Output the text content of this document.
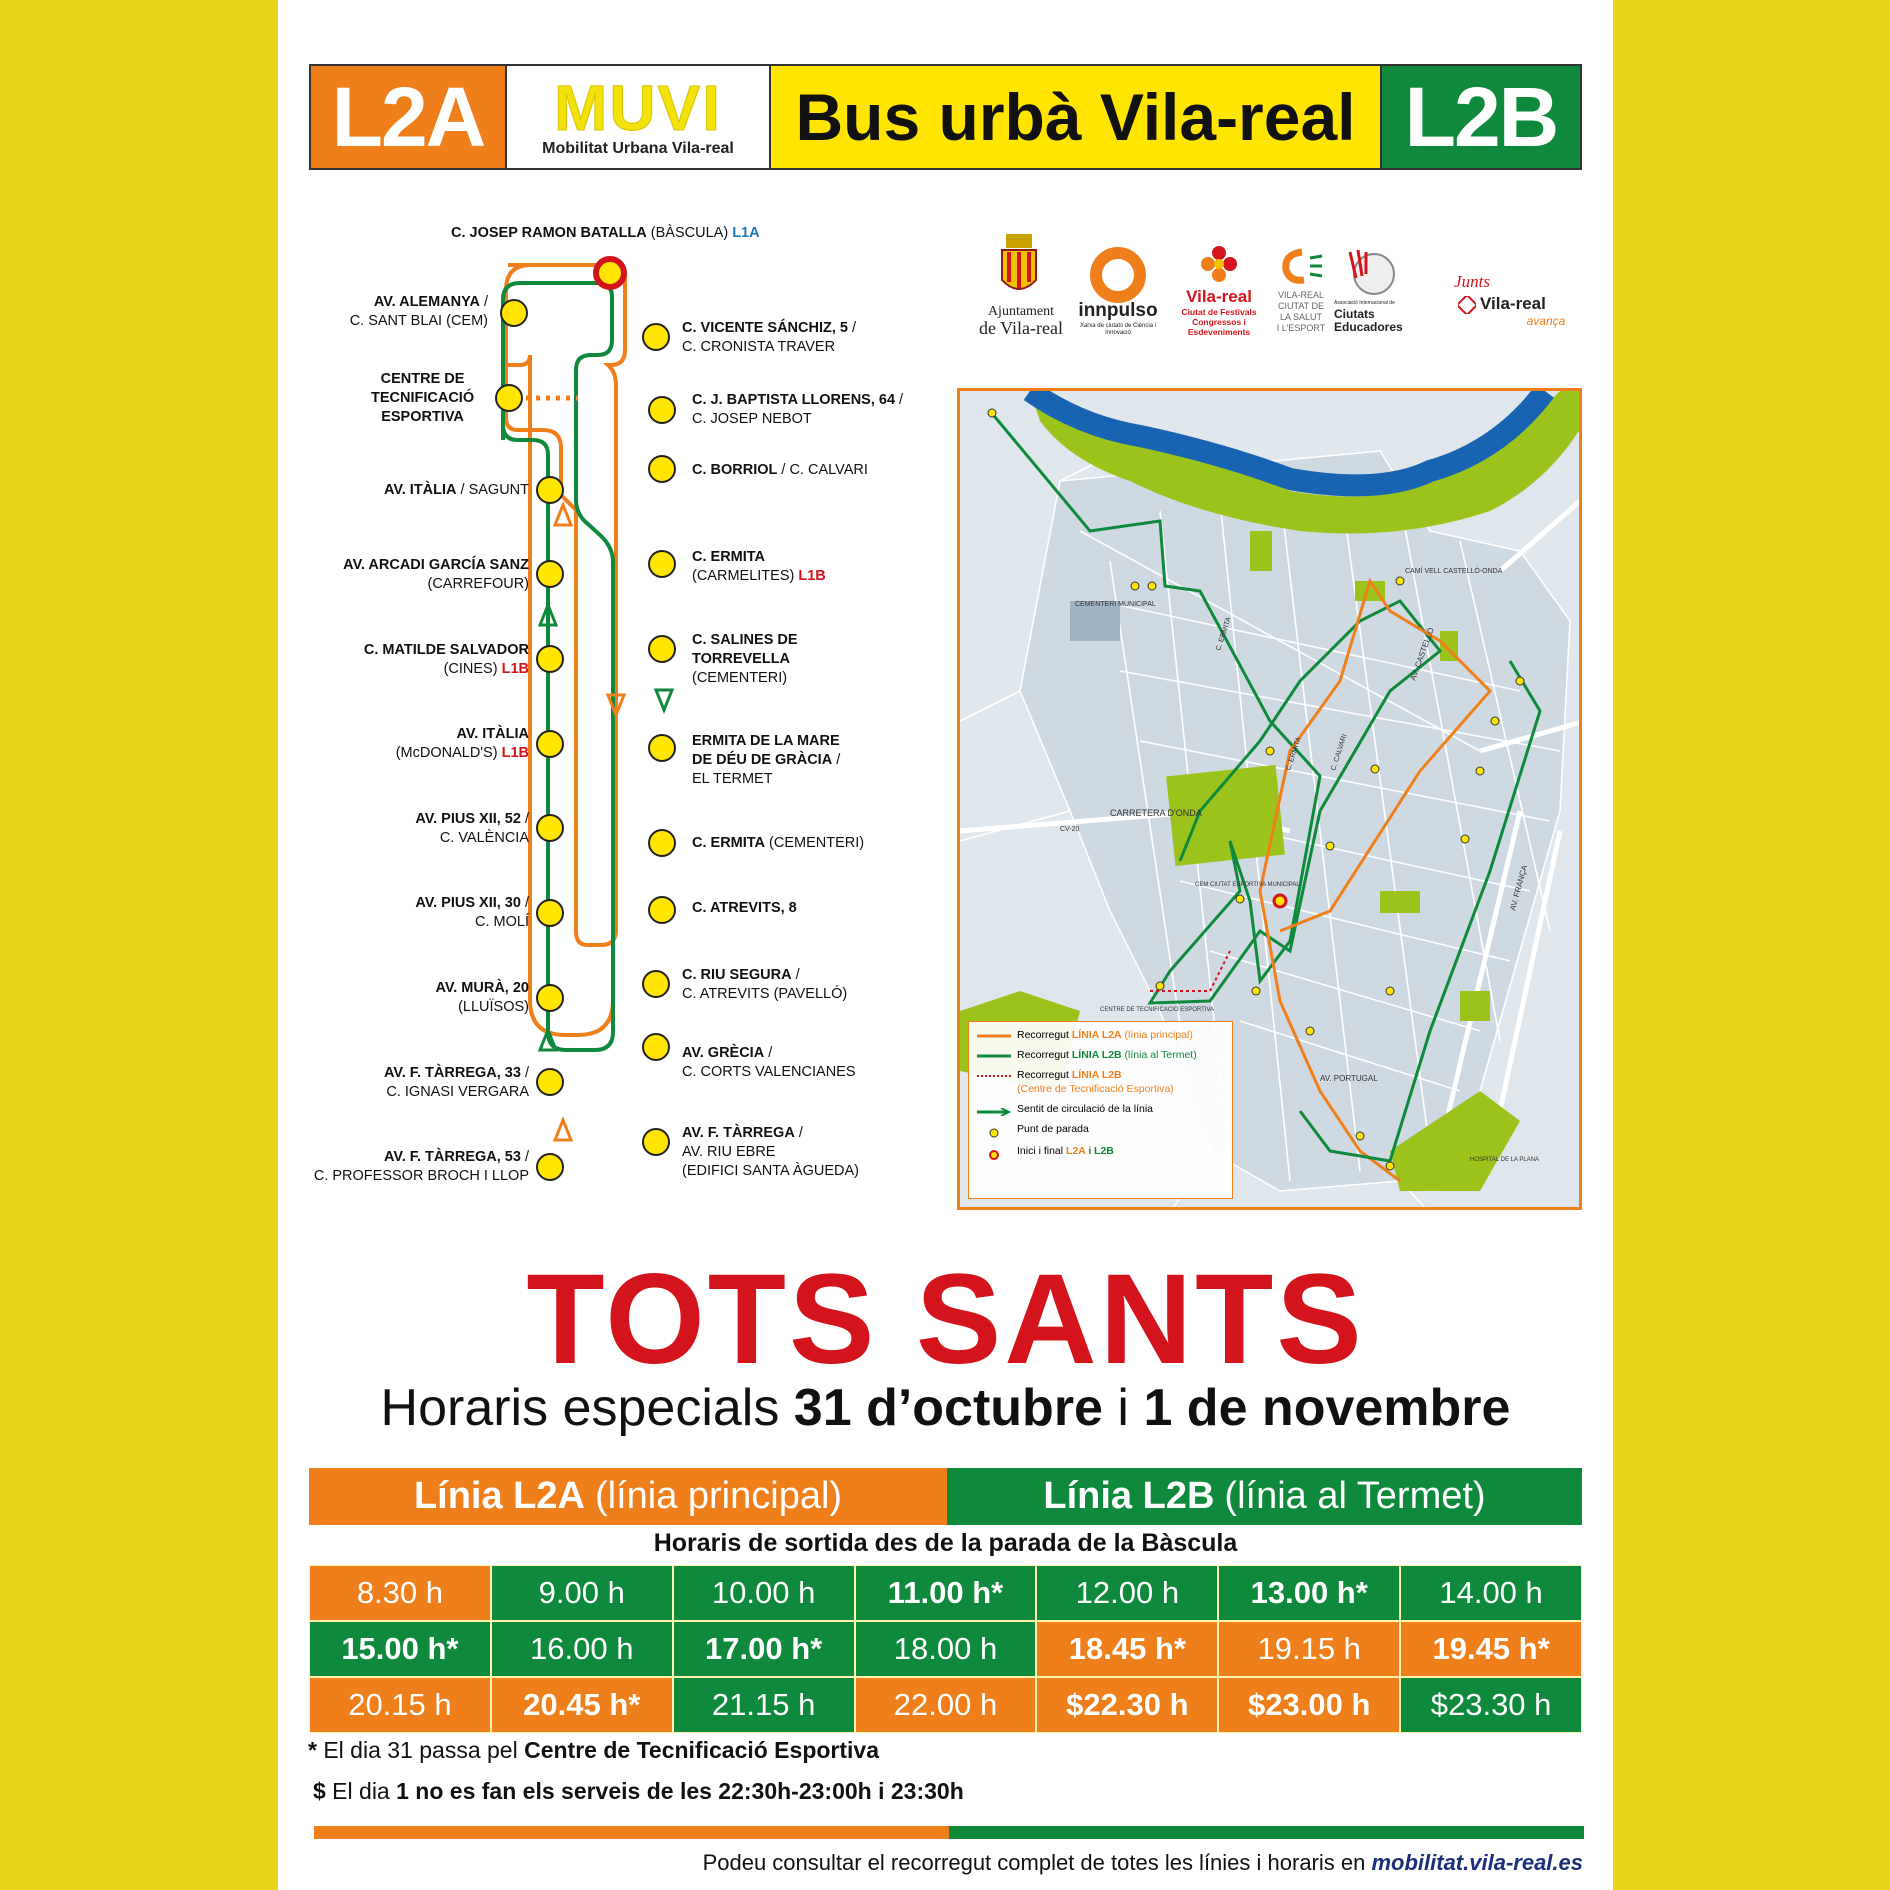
L2A	MUVI
Mobilitat Urbana Vila-real Bus urbà Vila-real L2B
C. JOSEP RAMON BATALLA (BÀSCULA) L1A
AV. ALEMANYA /
C. SANT BLAI (CEM)
CENTRE DE
TECNIFICACIÓ
ESPORTIVA
AV. ITÀLIA / SAGUNT
AV. ARCADI GARCÍA SANZ
(CARREFOUR)
C. MATILDE SALVADOR
(CINES) L1B
AV. ITÀLIA
(McDONALD'S) L1B
AV. PIUS XII, 52 /
C. VALÈNCIA
AV. PIUS XII, 30 /
C. MOLÍ
AV. MURÀ, 20
(LLUÏSOS)
AV. F. TÀRREGA, 33 /
C. IGNASI VERGARA
AV. F. TÀRREGA, 53 /
C. PROFESSOR BROCH I LLOP
C. VICENTE SÁNCHIZ, 5 /
C. CRONISTA TRAVER
C. J. BAPTISTA LLORENS, 64 /
C. JOSEP NEBOT
C. BORRIOL / C. CALVARI
C. ERMITA
(CARMELITES) L1B
C. SALINES DE
TORREVELLA
(CEMENTERI)
ERMITA DE LA MARE
DE DÉU DE GRÀCIA /
EL TERMET
C. ERMITA (CEMENTERI)
C. ATREVITS, 8
C. RIU SEGURA /
C. ATREVITS (PAVELLÓ)
AV. GRÈCIA /
C. CORTS VALENCIANES
AV. F. TÀRREGA /
AV. RIU EBRE
(EDIFICI SANTA ÀGUEDA)
Ajuntament
de Vila-real
innpulso
Xarxa de ciutats de Ciència i Innovació
Vila-real
Ciutat de Festivals
Congressos i
Esdeveniments
VILA-REAL
CIUTAT DE
LA SALUT
I L'ESPORT
Associació Internacional de
Ciutats
Educadores
Junts
Vila-real
avança
CEMENTERI MUNICIPAL
CARRETERA D'ONDA
CV-20
CEM CIUTAT ESPORTIVA MUNICIPAL
CENTRE DE TECNIFICACIÓ ESPORTIVA
CAMÍ VELL CASTELLÓ-ONDA
AV. PORTUGAL
HOSPITAL DE LA PLANA
AV. CASTELLÓ
AV. FRANÇA
C. CALVARI
C. ERMITA
C. ERMITA
Recorregut LÍNIA L2A (línia principal)
Recorregut LÍNIA L2B (línia al Termet)
Recorregut LÍNIA L2B
(Centre de Tecnificació Esportiva)
Sentit de circulació de la línia
Punt de parada
Inici i final L2A i L2B
TOTS SANTS
Horaris especials 31 d’octubre i 1 de novembre
Línia L2A (línia principal)	Línia L2B (línia al Termet)
Horaris de sortida des de la parada de la Bàscula
8.30 h	9.00 h	10.00 h	11.00 h*	12.00 h	13.00 h*	14.00 h
15.00 h*	16.00 h	17.00 h*	18.00 h	18.45 h*	19.15 h	19.45 h*
20.15 h	20.45 h*	21.15 h	22.00 h	$22.30 h	$23.00 h	$23.30 h
* El dia 31 passa pel Centre de Tecnificació Esportiva
$ El dia 1 no es fan els serveis de les 22:30h-23:00h i 23:30h
Podeu consultar el recorregut complet de totes les línies i horaris en mobilitat.vila-real.es
